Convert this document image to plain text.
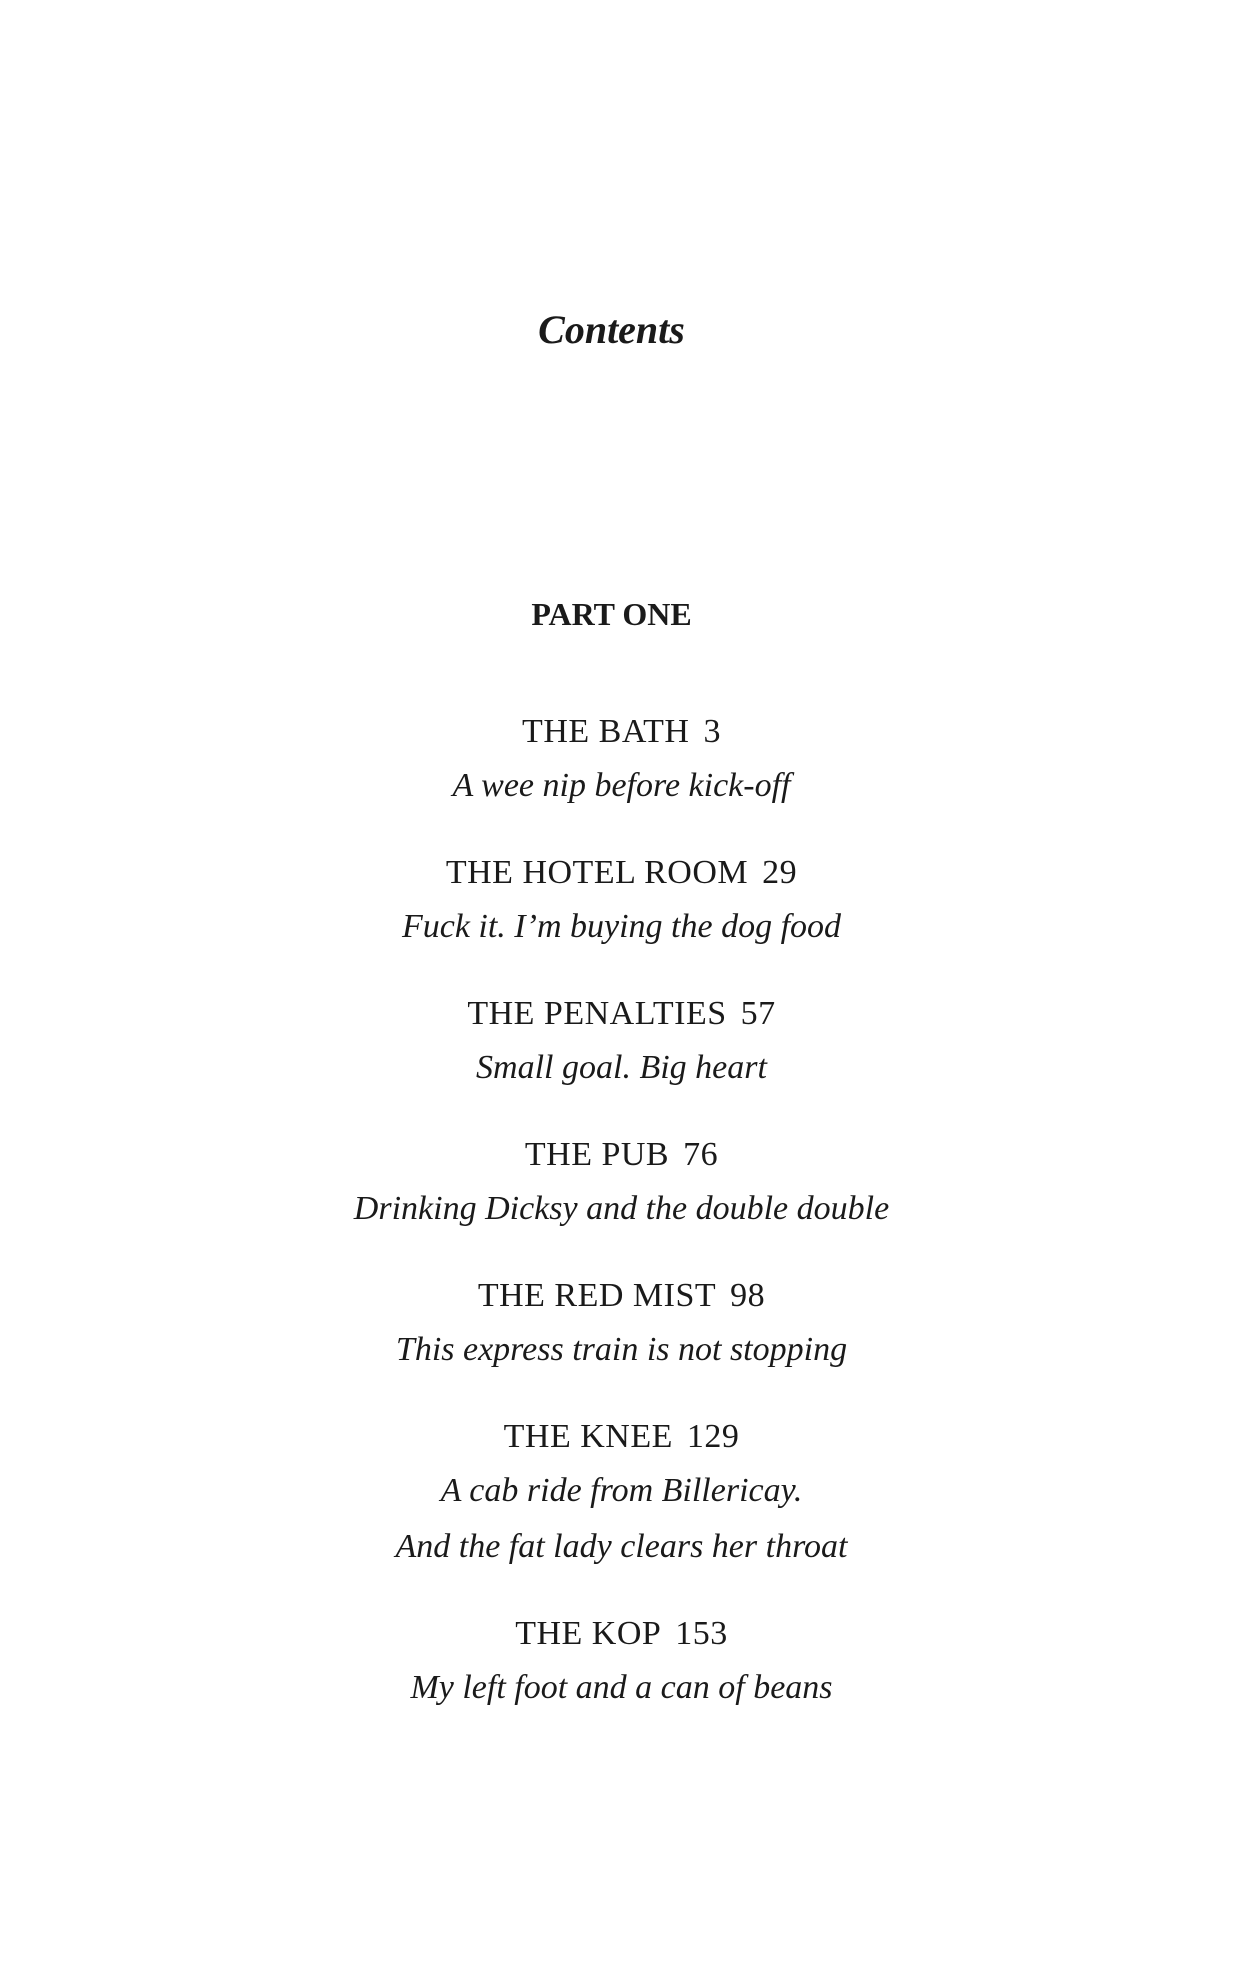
Contents
PART ONE
THE BATH 3
A wee nip before kick-off
THE HOTEL ROOM 29
Fuck it. I’m buying the dog food
THE PENALTIES 57
Small goal. Big heart
THE PUB 76
Drinking Dicksy and the double double
THE RED MIST 98
This express train is not stopping
THE KNEE 129
A cab ride from Billericay.
And the fat lady clears her throat
THE KOP 153
My left foot and a can of beans
